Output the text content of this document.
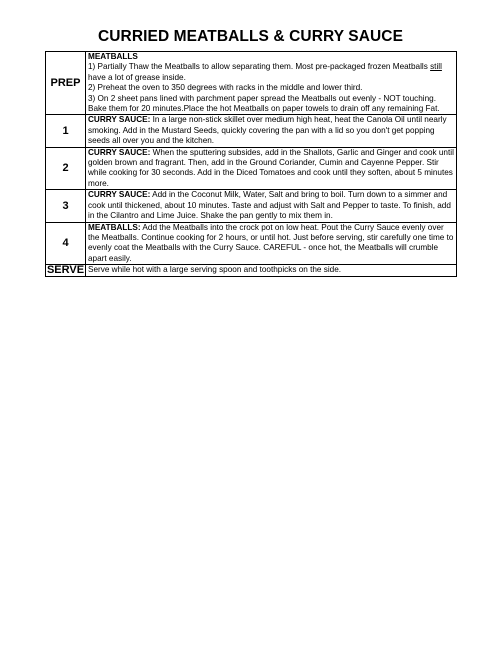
CURRIED MEATBALLS & CURRY SAUCE
PREP	MEATBALLS
1) Partially Thaw the Meatballs to allow separating them. Most pre-packaged frozen Meatballs still have a lot of grease inside.
2) Preheat the oven to 350 degrees with racks in the middle and lower third.
3) On 2 sheet pans lined with parchment paper spread the Meatballs out evenly - NOT touching. Bake them for 20 minutes.Place the hot Meatballs on paper towels to drain off any remaining Fat.
1	CURRY SAUCE: In a large non-stick skillet over medium high heat, heat the Canola Oil until nearly smoking. Add in the Mustard Seeds, quickly covering the pan with a lid so you don't get popping seeds all over you and the kitchen.
2	CURRY SAUCE: When the sputtering subsides, add in the Shallots, Garlic and Ginger and cook until golden brown and fragrant. Then, add in the Ground Coriander, Cumin and Cayenne Pepper. Stir while cooking for 30 seconds. Add in the Diced Tomatoes and cook until they soften, about 5 minutes more.
3	CURRY SAUCE: Add in the Coconut Milk, Water, Salt and bring to boil. Turn down to a simmer and cook until thickened, about 10 minutes. Taste and adjust with Salt and Pepper to taste. To finish, add in the Cilantro and Lime Juice. Shake the pan gently to mix them in.
4	MEATBALLS: Add the Meatballs into the crock pot on low heat. Pout the Curry Sauce evenly over the Meatballs. Continue cooking for 2 hours, or until hot. Just before serving, stir carefully one time to evenly coat the Meatballs with the Curry Sauce. CAREFUL - once hot, the Meatballs will crumble apart easily.
SERVE	Serve while hot with a large serving spoon and toothpicks on the side.
